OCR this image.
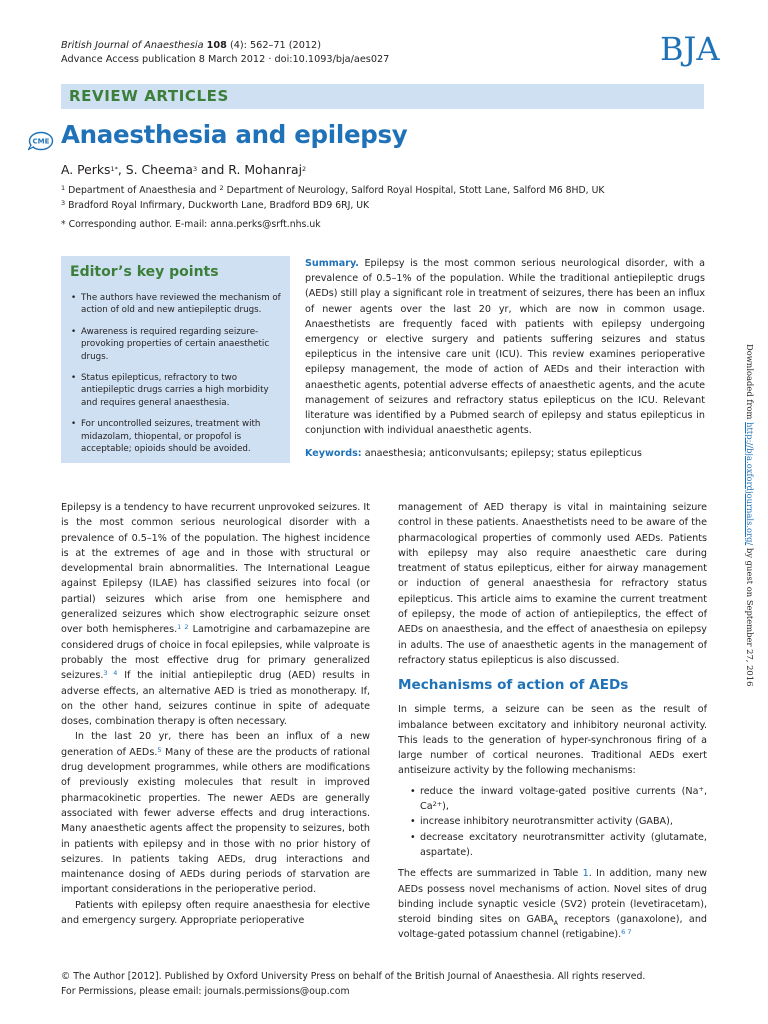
British Journal of Anaesthesia 108 (4): 562–71 (2012)
Advance Access publication 8 March 2012 · doi:10.1093/bja/aes027	BJA
REVIEW ARTICLES
CME Anaesthesia and epilepsy
A. Perks$^{1*}$, S. Cheema$^3$ and R. Mohanraj$^2$
$^1$ Department of Anaesthesia and $^2$ Department of Neurology, Salford Royal Hospital, Stott Lane, Salford M6 8HD, UK
$^3$ Bradford Royal Infirmary, Duckworth Lane, Bradford BD9 6RJ, UK
* Corresponding author. E-mail: anna.perks@srft.nhs.uk
Editor’s key points
• The authors have reviewed the mechanism of action of old and new antiepileptic drugs.
• Awareness is required regarding seizure-provoking properties of certain anaesthetic drugs.
• Status epilepticus, refractory to two antiepileptic drugs carries a high morbidity and requires general anaesthesia.
• For uncontrolled seizures, treatment with midazolam, thiopental, or propofol is acceptable; opioids should be avoided.
Summary. Epilepsy is the most common serious neurological disorder, with a prevalence of 0.5–1% of the population. While the traditional antiepileptic drugs (AEDs) still play a significant role in treatment of seizures, there has been an influx of newer agents over the last 20 yr, which are now in common usage. Anaesthetists are frequently faced with patients with epilepsy undergoing emergency or elective surgery and patients suffering seizures and status epilepticus in the intensive care unit (ICU). This review examines perioperative epilepsy management, the mode of action of AEDs and their interaction with anaesthetic agents, potential adverse effects of anaesthetic agents, and the acute management of seizures and refractory status epilepticus on the ICU. Relevant literature was identified by a Pubmed search of epilepsy and status epilepticus in conjunction with individual anaesthetic agents.
Keywords: anaesthesia; anticonvulsants; epilepsy; status epilepticus

Epilepsy is a tendency to have recurrent unprovoked seizures. It is the most common serious neurological disorder with a prevalence of 0.5–1% of the population. The highest incidence is at the extremes of age and in those with structural or developmental brain abnormalities. The International League against Epilepsy (ILAE) has classified seizures into focal (or partial) seizures which arise from one hemisphere and generalized seizures which show electrographic seizure onset over both hemispheres.$^{1 2}$ Lamotrigine and carbamazepine are considered drugs of choice in focal epilepsies, while valproate is probably the most effective drug for primary generalized seizures.$^{3 4}$ If the initial antiepileptic drug (AED) results in adverse effects, an alternative AED is tried as monotherapy. If, on the other hand, seizures continue in spite of adequate doses, combination therapy is often necessary.

In the last 20 yr, there has been an influx of a new generation of AEDs.$^5$ Many of these are the products of rational drug development programmes, while others are modifications of previously existing molecules that result in improved pharmacokinetic properties. The newer AEDs are generally associated with fewer adverse effects and drug interactions. Many anaesthetic agents affect the propensity to seizures, both in patients with epilepsy and in those with no prior history of seizures. In patients taking AEDs, drug interactions and maintenance dosing of AEDs during periods of starvation are important considerations in the perioperative period.

Patients with epilepsy often require anaesthesia for elective and emergency surgery. Appropriate perioperative

management of AED therapy is vital in maintaining seizure control in these patients. Anaesthetists need to be aware of the pharmacological properties of commonly used AEDs. Patients with epilepsy may also require anaesthetic care during treatment of status epilepticus, either for airway management or induction of general anaesthesia for refractory status epilepticus. This article aims to examine the current treatment of epilepsy, the mode of action of antiepileptics, the effect of AEDs on anaesthesia, and the effect of anaesthesia on epilepsy in adults. The use of anaesthetic agents in the management of refractory status epilepticus is also discussed.

Mechanisms of action of AEDs

In simple terms, a seizure can be seen as the result of imbalance between excitatory and inhibitory neuronal activity. This leads to the generation of hyper-synchronous firing of a large number of cortical neurones. Traditional AEDs exert antiseizure activity by the following mechanisms:

• reduce the inward voltage-gated positive currents (Na+, $Ca^{2+}$),
• increase inhibitory neurotransmitter activity (GABA),
• decrease excitatory neurotransmitter activity (glutamate, aspartate).

The effects are summarized in Table 1. In addition, many new AEDs possess novel mechanisms of action. Novel sites of drug binding include synaptic vesicle (SV2) protein (levetiracetam), steroid binding sites on $GABA_A$ receptors (ganaxolone), and voltage-gated potassium channel (retigabine).$^{6 7}$

© The Author [2012]. Published by Oxford University Press on behalf of the British Journal of Anaesthesia. All rights reserved.
For Permissions, please email: journals.permissions@oup.com
Downloaded from http://bja.oxfordjournals.org/ by guest on September 27, 2016
